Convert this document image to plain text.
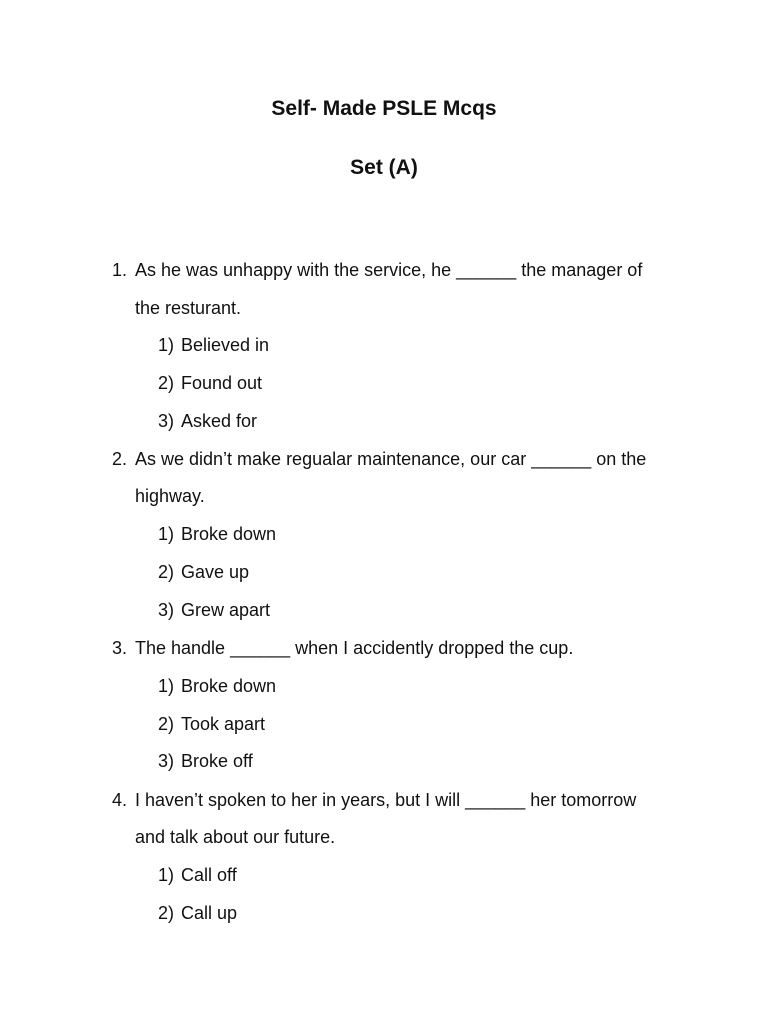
Self- Made PSLE Mcqs
Set (A)
1. As he was unhappy with the service, he ______ the manager of
the resturant.
1) Believed in
2) Found out
3) Asked for
2. As we didn’t make regualar maintenance, our car ______ on the
highway.
1) Broke down
2) Gave up
3) Grew apart
3. The handle ______ when I accidently dropped the cup.
1) Broke down
2) Took apart
3) Broke off
4. I haven’t spoken to her in years, but I will ______ her tomorrow
and talk about our future.
1) Call off
2) Call up
